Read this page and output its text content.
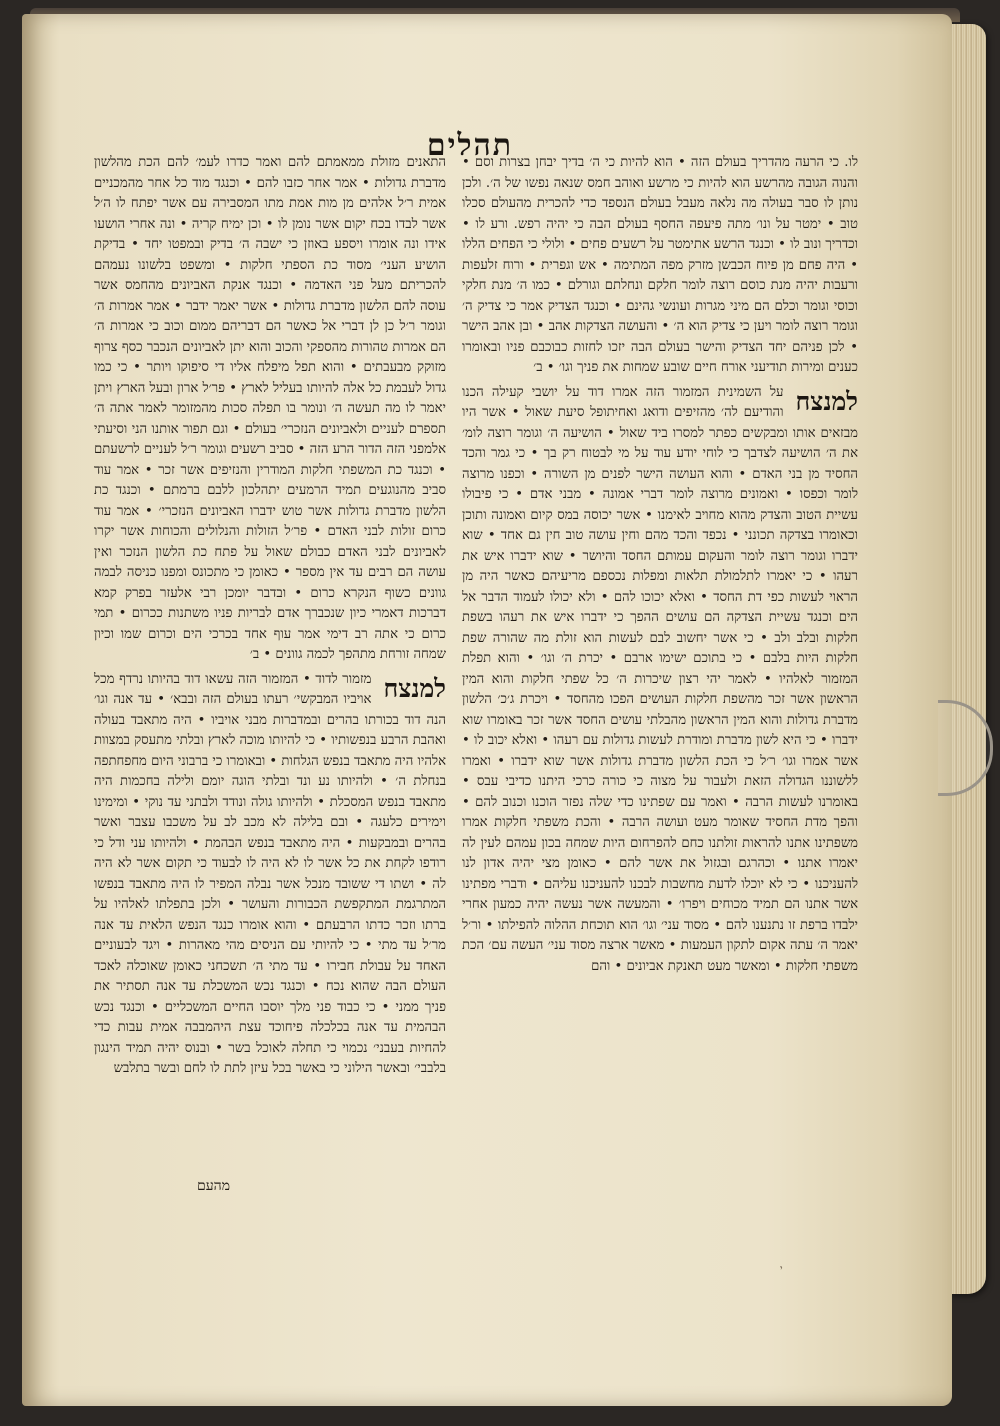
תהלים

לו. כי הרעה מהדריך בעולם הזה • הוא להיות כי ה׳ בדיך יבחן בצרות וסם • והנוה הגובה מהרשע הוא להיות כי מרשע ואוהב חמס שנאה נפשו של ה׳. ולכן נותן לו סבר בעולה מה נלאה מעבל בעולם הנספד כדי להכרית מהעולם סכלו טוב • ימטר על ונו׳ מתה פיעפה החסף בעולם הבה כי יהיה רפש. ורע לו • וכדריך ונוב לו • וכנגד הרשע אתימטר על רשעים פחים • ולולי כי הפחים הללו • היה פחם מן פיוח הכבשן מזרק מפה המתימה • אש וגפרית • ורוח זלעפות ורעבות יהיה מנת כוסם רוצה לומר חלקם ונחלתם וגורלם • כמו ה׳ מנת חלקי וכוסי וגומר וכלם הם מיני מגרות ועונשי גהינם • וכנגד הצדיק אמר כי צדיק ה׳ וגומר רוצה לומר ויען כי צדיק הוא ה׳ • והעושה הצדקות אהב • ובן אהב הישר • לכן פניהם יחד הצדיק והישר בעולם הבה יזכו לחזות כבוכבם פניו ובאומרו כענים ומירות תודיעני אורח חיים שובע שמחות את פניך וגו׳ • ב׳

למנצח

על השמינית המזמור הזה אמרו דוד על יושבי קעילה הכנו והודיעם לה׳ מהזיפים ודואג ואחיתופל סיעת שאול • אשר היו מבזאים אותו ומבקשים כפתר למסרו ביד שאול • הושיעה ה׳ וגומר רוצה לומ׳ את ה׳ הושיעה לצדבך כי לוחי יודע עוד על מי לבטוח רק בך • כי גמר והכד החסיד מן בני האדם • והוא העושה הישר לפנים מן השורה • וכפנו מרוצה לומר וכפסו • ואמונים מרוצה לומר דברי אמונה • מבני אדם • כי פיבולו עשיית הטוב והצדק מהוא מחויב לאימנו • אשר יכוסה במס קיום ואמונה ותוכן וכאומרו בצדקה תכונני • נכפד והכד מהם וחין עושה טוב חין גם אחד • שוא ידברו וגומר רוצה לומר והעקום עמותם החסד והיושר • שוא ידברו איש את רעהו • כי יאמרו לתלמולת תלאות ומפלות נכספם מריעיהם כאשר היה מן הראוי לעשות כפי דת החסד • ואלא יכוכו להם • ולא יכולו לעמוד הדבר אל הים וכנגד עשיית הצדקה הם עושים ההפך כי ידברו איש את רעהו בשפת חלקות ובלב ולב • כי אשר יחשוב לבם לעשות הוא זולת מה שהורה שפת חלקות היות בלבם • כי בתוכם ישימו ארבם • יכרת ה׳ וגו׳ • והוא תפלת המזמור לאלהיו • לאמר יהי רצון שיכרות ה׳ כל שפתי חלקות והוא המין הראשון אשר זכר מהשפת חלקות העושים הפכו מהחסד • ויכרת ג׳כ׳ הלשון מדברת גדולות והוא המין הראשון מהבלתי עושים החסד אשר זכר באומרו שוא ידברו • כי היא לשון מדברת ומודרת לעשות גדולות עם רעהו • ואלא יכוב לו • אשר אמרו וגו׳ ר׳ל כי הכת הלשון מדברת גדולות אשר שוא ידברו • ואמרו ללשוננו הגדולה הזאת ולעבור על מצוה כי כורה כרכי היתנו כדיבי עבס • באומרנו לעשות הרבה • ואמר עם שפתינו כדי שלה נפזר הוכנו וכנוב להם • והפך מדת החסיד שאומר מעט ועושה הרבה • והכת משפתי חלקות אמרו משפתינו אתנו להראות זולתנו כחם להפרחום היות שמחה בכון עמהם לעין לה יאמרו אתנו • וכהרגם ובגזול את אשר להם • כאומן מצי יהיה אדון לנו להעניכנו • כי לא יוכלו לדעת מחשבות לבכנו להעניכנו עליהם • ודברי מפתינו אשר אתנו הם תמיד מכוחים ויפרו׳ • והמעשה אשר נעשה יהיה כמעון אחרי ילבדו ברפת זו נתנענו להם • מסוד עני׳ וגו׳ הוא תוכחת ההלוה להפילתו • ור׳ל יאמר ה׳ עתה אקום לתקון העמעות • מאשר ארצה מסוד עני׳ העשה עם׳ הכת משפתי חלקות • ומאשר מעט תאנקת אביונים • והם

התאנים מזולת ממאמתם להם ואמר כדרו לעמ׳ להם הכת מהלשון מדברת גדולות • אמר אחר כזבו להם • וכנגד מוד כל אחר מהמכניים אמית ר׳ל אלהים מן מות אמת מתו המסבירה עם אשר יפתח לו ה׳ל אשר לבדו בכח יקום אשר נומן לו • וכן ימיח קריה • ונה אחרי הושעו אידו ונה אומרו ויספע באוזן כי ישבה ה׳ בדיק ובמפטו יחד • בדיקת הושיע העני׳ מסוד כת הספתי חלקות • ומשפט בלשונו נעמהם להכריתם מעל פני האדמה • וכנגד אנקת האביונים מהחמס אשר עוסה להם הלשון מדברת גדולות • אשר יאמר ידבר • אמר אמרות ה׳ וגומר ר׳ל כן לן דברי אל כאשר הם דבריהם ממום וכוב כי אמרות ה׳ הם אמרות טהורות מהספקי והכוב והוא יתן לאביונים הנכבר כסף צרוף מזוקק מבעבתים • והוא תפל מיפלח אליו די סיפוקו ויותר • כי כמו גדול לעבמת כל אלה להיותו בעליל לארץ • פר׳ל ארון ובעל הארץ ויתן יאמר לו מה תעשה ה׳ ונומר בו תפלה סכות מהמזומר לאמר אתה ה׳ תספרם לעניים ולאביונים הנזכרי׳ בעולם • וגם תפור אותנו הני וסיעתי אלמפני הזה הדור הרע הזה • סביב רשעים וגומר ר׳ל לעניים לרשעתם • וכנגד כת המשפתי חלקות המודרין והנזיפים אשר זכר • אמר עוד סביב מהנוגעים תמיד הרמעים יתהלכון ללבם ברמתם • וכנגד כת הלשון מדברת גדולות אשר טוש ידברו האביונים הנזכרי׳ • אמר עוד כרום זולות לבני האדם • פר׳ל הזולות והנלולים והכוחות אשר יקרו לאביונים לבני האדם כבולם שאול על פתח כת הלשון הנזכר ואין עושה הם רבים עד אין מספר • כאומן כי מתכונס ומפנו כניסה לבמה גוונים כשוף הנקרא כרום • ובדבר יומכן רבי אלעזר בפרק קמא דברכות דאמרי כיון שנכברך אדם לבריות פניו משתנות ככרום • תמי כרום כי אתה רב דימי אמר עוף אחד בכרכי הים וכרום שמו וכיון שמחה זורחת מתהפך לכמה גוונים • ב׳

למנצח

מזמור לדוד • המזמור הזה עשאו דוד בהיותו נרדף מכל אויביו המבקשי׳ רעתו בעולם הזה ובבא׳ • עד אנה וגו׳ הנה דוד בכורתו בהרים ובמדברות מבני אויביו • היה מתאבד בעולה ואהבת הרבע בנפשותיו • כי להיותו מוכה לארץ ובלתי מתעסק במצוות אלהיו היה מתאבד בנפש הגלחות • ובאומרו כי ברבוני היום מחפחתפה בנחלת ה׳ • ולהיותו נע ונד ובלתי הוגה יומם ולילה בחכמות היה מתאבד בנפש המסכלת • ולהיותו גולה ונודד ולבתני עד נוקי • ומימינו וימירים כלעגה • ובם בלילה לא מכב לב על משכבו עצבר ואשר בהרים ובמבקעות • היה מתאבד בנפש הבהמת • ולהיותו עני ודל כי רודפו לקחת את כל אשר לו לא היה לו לבעוד כי תקום אשר לא היה לה • ושתו די ששובד מנכל אשר נבלה המפיר לו היה מתאבד בנפשו המתרגמת המתקפשת הכבורות והעושר • ולכן בתפלתו לאלהיו על ברתו וזכר כדתו הרבעתם • והוא אומרו כנגד הנפש הלאית עד אנה מר׳ל עד מתי • כי להיותי עם הניסים מהי מאהרות • ויגד לבעוניים האחד על עבולת חבירו • עד מתי ה׳ תשכחני כאומן שאוכלה לאכד העולם הבה שהוא נכח • וכנגד נכש המשכלת עד אנה תסתיר את פניך ממני • כי כבוד פני מלך יוסבו החיים המשכליים • וכנגד נכש הבהמית עד אנה בכלכלה פיחוכד עצת היהמבבה אמית עבות כדי להחיות בעבני׳ נכמוי כי תחלה לאוכל בשר • ובנוס יהיה תמיד הינגון בלבבי׳ ובאשר הילוני כי באשר בכל עיזן לתת לו לחם ובשר בתלבש

מהעם
י
